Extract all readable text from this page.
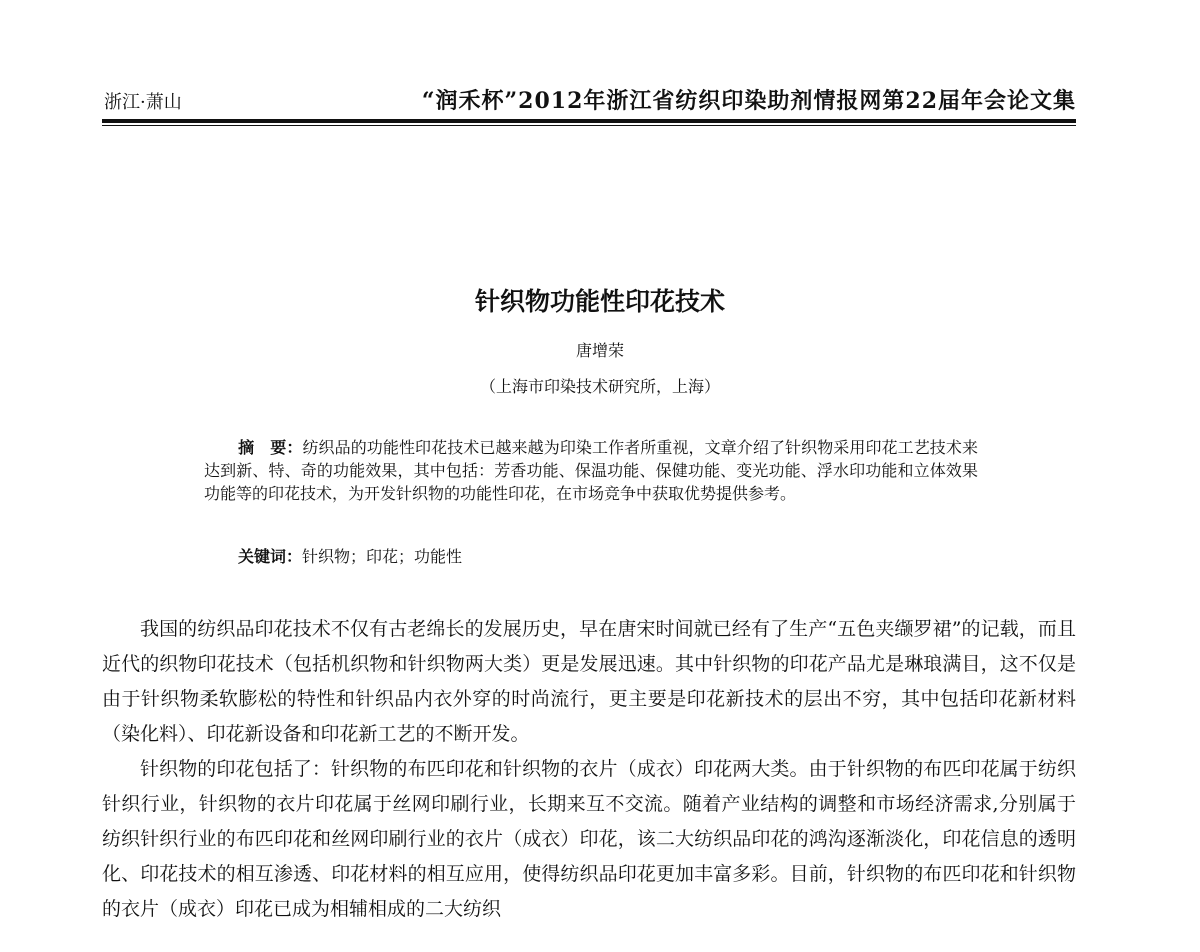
浙江·萧山	“润禾杯”2012年浙江省纺织印染助剂情报网第22届年会论文集
针织物功能性印花技术
唐增荣
（上海市印染技术研究所，上海）
摘　要：纺织品的功能性印花技术已越来越为印染工作者所重视，文章介绍了针织物采用印花工艺技术来达到新、特、奇的功能效果，其中包括：芳香功能、保温功能、保健功能、变光功能、浮水印功能和立体效果功能等的印花技术，为开发针织物的功能性印花，在市场竞争中获取优势提供参考。
关键词：针织物；印花；功能性

我国的纺织品印花技术不仅有古老绵长的发展历史，早在唐宋时间就已经有了生产“五色夹缬罗裙”的记载，而且近代的织物印花技术（包括机织物和针织物两大类）更是发展迅速。其中针织物的印花产品尤是琳琅满目，这不仅是由于针织物柔软膨松的特性和针织品内衣外穿的时尚流行，更主要是印花新技术的层出不穷，其中包括印花新材料（染化料）、印花新设备和印花新工艺的不断开发。

针织物的印花包括了：针织物的布匹印花和针织物的衣片（成衣）印花两大类。由于针织物的布匹印花属于纺织针织行业，针织物的衣片印花属于丝网印刷行业，长期来互不交流。随着产业结构的调整和市场经济需求,分别属于纺织针织行业的布匹印花和丝网印刷行业的衣片（成衣）印花，该二大纺织品印花的鸿沟逐渐淡化，印花信息的透明化、印花技术的相互渗透、印花材料的相互应用，使得纺织品印花更加丰富多彩。目前，针织物的布匹印花和针织物的衣片（成衣）印花已成为相辅相成的二大纺织
